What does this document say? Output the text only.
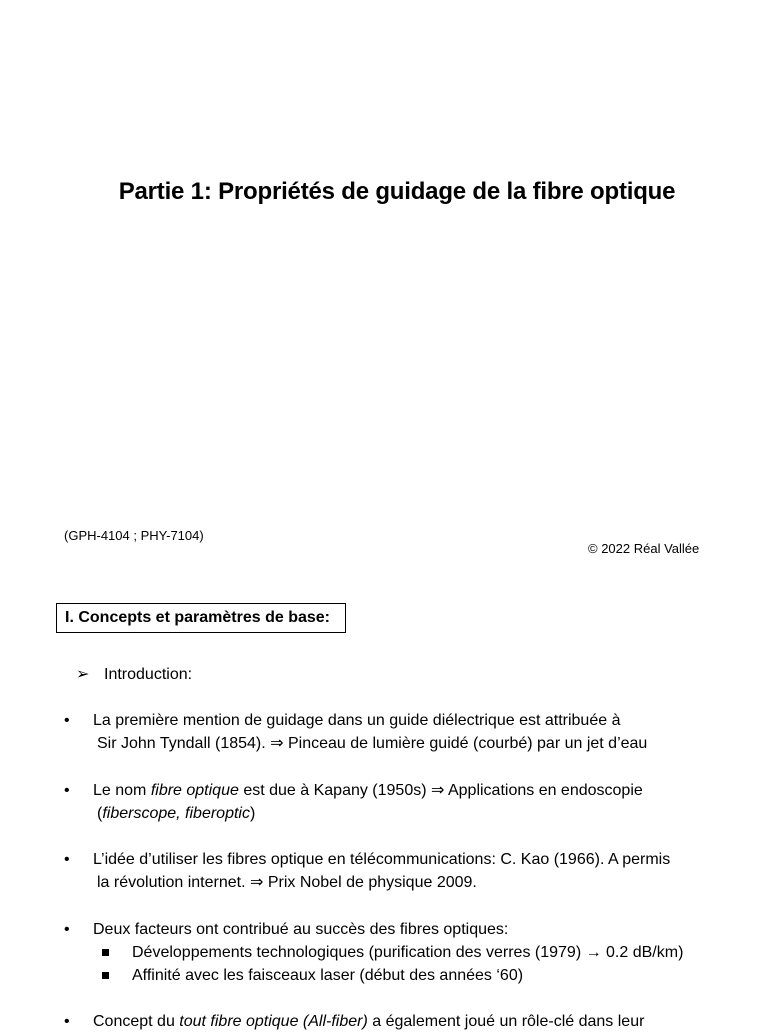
Partie 1: Propriétés de guidage de la fibre optique
(GPH-4104 ; PHY-7104)
© 2022 Réal Vallée
I. Concepts et paramètres de base:
➢ Introduction:
• La première mention de guidage dans un guide diélectrique est attribuée à
Sir John Tyndall (1854). ⇒ Pinceau de lumière guidé (courbé) par un jet d’eau
• Le nom fibre optique est due à Kapany (1950s) ⇒ Applications en endoscopie
(fiberscope, fiberoptic)
• L’idée d’utiliser les fibres optique en télécommunications: C. Kao (1966). A permis
la révolution internet. ⇒ Prix Nobel de physique 2009.
• Deux facteurs ont contribué au succès des fibres optiques:
Développements technologiques (purification des verres (1979) → 0.2 dB/km)
Affinité avec les faisceaux laser (début des années ‘60)
• Concept du tout fibre optique (All-fiber) a également joué un rôle-clé dans leur
